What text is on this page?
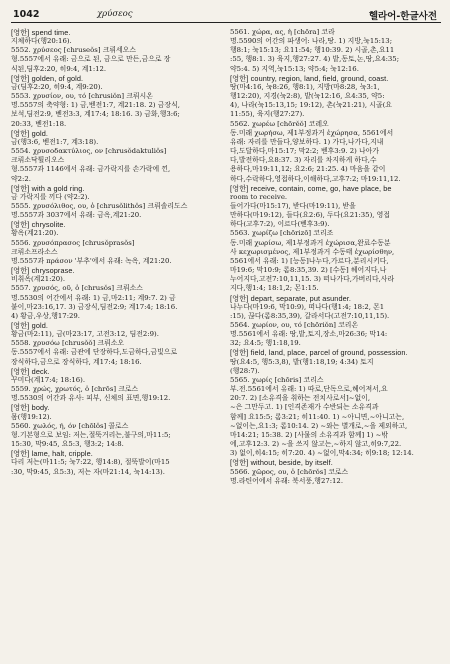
1042	χρύσεος	헬라어-한글사전
[영한] spend time.
지체하다(행20:16).
5552. χρύσεος [chruseŏs] 크뤼세오스
형.5557에서 유래: 금으로 된, 금으로 만든,금으로 장
식된,딤후2:20, 히9:4, 계1:12.
[영한] golden, of gold.
금(딤후2:20, 히9:4, 계9:20).
5553. χρυσίον, ου, τό [chrusiŏn] 크뤼시온
명.5557의 축약형: 1) 금,벧전1:7, 계21:18. 2) 금장식,
보석,딤전2:9, 벧전3:3, 계17:4; 18:16. 3) 금화,행3:6;
20:33, 벧전1:18.
[영한] gold.
금(행3:6, 벧전1:7, 계3:18).
5554. χρυσοδακτύλιος, ον [chrusŏdaktuliŏs]
크뤼소닥튈리오스
형.5557과 1146에서 유래: 금가락지를 손가락에 낀,
약2:2.
[영한] with a gold ring.
금 가락지를 끼다 (약2:2).
5555. χρυσόλιθος, ου, ὁ [chrusŏlithŏs] 크뤼솔리도스
명.5557과 3037에서 유래: 금옥,계21:20.
[영한] chrysolite.
황옥(계21:20).
5556. χρυσόπρασος [chrusŏprasŏs]
크뤼소프라소스
명.5557과 πράσον '부추'에서 유래: 녹옥, 계21:20.
[영한] chrysoprase.
비취옥(계21:20).
5557. χρυσός, οῦ, ὁ [chrusŏs] 크뤼소스
명.5530의 어간에서 유래: 1) 금,마2:11; 계9:7. 2) 금
붙이,마23:16,17. 3) 금장식,딤전2:9; 계17:4; 18:16.
4) 황금,우상,행17:29.
[영한] gold.
황금(마2:11), 금(마23:17, 고전3:12, 딤전2:9).
5558. χρυσόω [chrusŏŏ] 크뤼소오
동.5557에서 유래: 금관에 단장하다,도금하다,금빛으로
장식하다,금으로 장식하다, 계17:4; 18:16.
[영한] deck.
꾸미다(계17:4; 18:16).
5559. χρώς, χρωτός, ὁ [chrōs] 크로스
명.5530의 어간과 유사: 피부, 신체의 표면,행19:12.
[영한] body.
몸(행19:12).
5560. χωλός, ή, όν [chōlŏs] 콜로스
형.기본형으로 보임: 저는,절뚝거리는,불구의,마11:5;
15:30, 막9:45, 요5:3, 행3:2; 14:8.
[영한] lame, halt, cripple.
다리 저는(마11:5; 눅7:22, 행14:8), 절뚝발이(마15
:30, 막9:45, 요5:3), 저는 자(마21:14, 눅14:13).
5561. χώρα, ας, ἡ [chōra] 코라
명.5590의 어간의 파생어: 나라,땅. 1) 지방,눅15:13;
행8:1; 눅15:13; 요11:54; 행10:39. 2) 시골,촌,요11
:55, 행8:1. 3) 육지,행27:27. 4) 밭,동토,논,땅,요4:35;
약5:4. 5) 지역,눅15:13; 약5:4; 눅12:16.
[영한] country, region, land, field, ground, coast.
땅(마4:16, 눅8:26, 행8:1), 지방(마8:28, 눅3:1,
행12:20), 지경(눅2:8), 밭(눅12:16, 요4:35, 약5:
4), 나라(눅15:13,15; 19:12), 촌(눅21:21), 시골(요
11:55), 육지(행27:27).
5562. χωρέω [chōrĕŏ] 코레오
동.미래 χωρήσω, 제1부정과거 ἐχώρησα, 5561에서
유래: 자리를 만들다,양보하다. 1) 가다,나가다,지내
다,도달하다,마15:17; 막2:2; 벧후3:9. 2) 나아가
다,발전하다,요8:37. 3) 자리를 차지하게 하다,수
용하다,마19:11,12; 요2:6; 21:25. 4) 마음을 같이
하다,수락하다,영접하다,이해하다,고후7:2; 마19:11,12.
[영한] receive, contain, come, go, have place, be
room to receive.
들어가다(마15:17), 받다(마19:11), 받을
만하다(마19:12), 들다(요2:6), 두다(요21:35), 영접
하다(고후7:2), 이르다(벧후3:9).
5563. χωρίζω [chōrizō] 코리조
동.미래 χωρίσω, 제1부정과거 ἐχώρισα,완료수동분
사 κεχωρισμένος, 제1부정과거 수동태 ἐχωρίσθην,
5561에서 유래: 1) [능동]나누다,가르다,분리시키다,
마19:6; 막10:9; 롬8:35,39. 2) [수동] 헤어지다,나
누어지다,고전7:10,11,15. 3) 떠나가다,가버리다,사라
지다,행1:4; 18:1,2; 몬1:15.
[영한] depart, separate, put asunder.
나누다(마19:6, 막10:9), 떠나다(행1:4; 18:2, 몬1
:15), 끊다(롬8:35,39), 갈라서다(고전7:10,11,15).
5564. χωρίον, ου, τό [chōriŏn] 코리온
명.5561에서 유래: 땅,밭,토지,장소,마26:36; 막14:
32; 요4:5; 행1:18,19.
[영한] field, land, place, parcel of ground, possession.
땅(요4:5, 행5:3,8), 밭(행1:18,19; 4:34) 토지
(행28:7).
5565. χωρίς [chōris] 코리스
부.전.5561에서 유래: 1) 따로,단독으로,헤어져서,요
20:7. 2) [소유격을 취하는 전치사로서]~없이,
~은 그만두고. 1) [인격존재가 수반되는 소유격과
함께] 요15:5; 롬3:21; 히11:40. 1) ~아니면,~아니고는,
~없이는,요1:3; 롬10:14. 2) ~와는 별개로,~을 제외하고,
마14:21; 15:38. 2) [사물의 소유격과 함께] 1) ~밖
에,고후12:3. 2) ~을 쓰지 않고는,~하지 않고,히9:7,22.
3) 없이,히4:15; 히7:20. 4) ~없이,막4:34; 히9:18; 12:14.
[영한] without, beside, by itself.
5566. χῶρος, ου, ὁ [chōrŏs] 코로스
명.라틴어에서 유래: 북서풍,행27:12.
